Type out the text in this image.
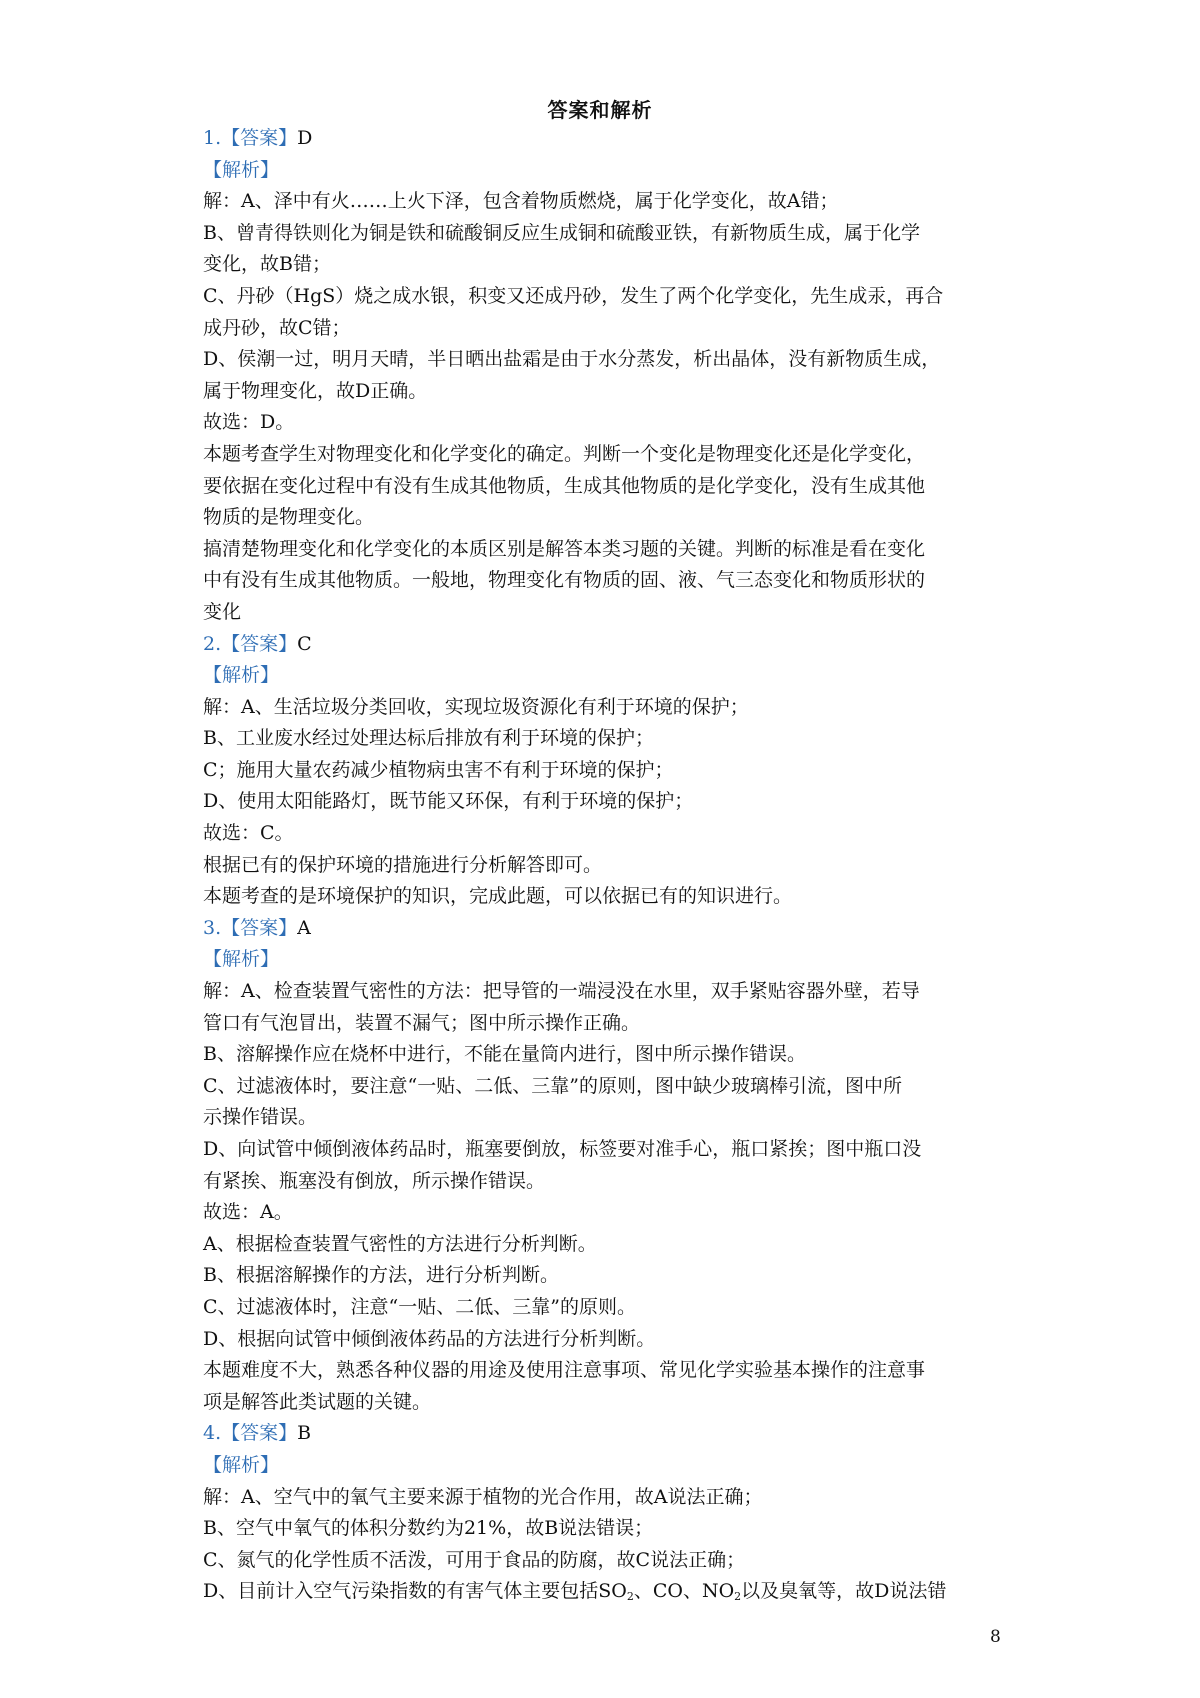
答案和解析
1.【答案】D
【解析】
解：A、泽中有火……上火下泽，包含着物质燃烧，属于化学变化，故A错；
B、曾青得铁则化为铜是铁和硫酸铜反应生成铜和硫酸亚铁，有新物质生成，属于化学
变化，故B错；
C、丹砂（HgS）烧之成水银，积变又还成丹砂，发生了两个化学变化，先生成汞，再合
成丹砂，故C错；
D、侯潮一过，明月天晴，半日晒出盐霜是由于水分蒸发，析出晶体，没有新物质生成，
属于物理变化，故D正确。
故选：D。
本题考查学生对物理变化和化学变化的确定。判断一个变化是物理变化还是化学变化，
要依据在变化过程中有没有生成其他物质，生成其他物质的是化学变化，没有生成其他
物质的是物理变化。
搞清楚物理变化和化学变化的本质区别是解答本类习题的关键。判断的标准是看在变化
中有没有生成其他物质。一般地，物理变化有物质的固、液、气三态变化和物质形状的
变化
2.【答案】C
【解析】
解：A、生活垃圾分类回收，实现垃圾资源化有利于环境的保护；
B、工业废水经过处理达标后排放有利于环境的保护；
C；施用大量农药减少植物病虫害不有利于环境的保护；
D、使用太阳能路灯，既节能又环保，有利于环境的保护；
故选：C。
根据已有的保护环境的措施进行分析解答即可。
本题考查的是环境保护的知识，完成此题，可以依据已有的知识进行。
3.【答案】A
【解析】
解：A、检查装置气密性的方法：把导管的一端浸没在水里，双手紧贴容器外壁，若导
管口有气泡冒出，装置不漏气；图中所示操作正确。
B、溶解操作应在烧杯中进行，不能在量筒内进行，图中所示操作错误。
C、过滤液体时，要注意“一贴、二低、三靠”的原则，图中缺少玻璃棒引流，图中所
示操作错误。
D、向试管中倾倒液体药品时，瓶塞要倒放，标签要对准手心，瓶口紧挨；图中瓶口没
有紧挨、瓶塞没有倒放，所示操作错误。
故选：A。
A、根据检查装置气密性的方法进行分析判断。
B、根据溶解操作的方法，进行分析判断。
C、过滤液体时，注意“一贴、二低、三靠”的原则。
D、根据向试管中倾倒液体药品的方法进行分析判断。
本题难度不大，熟悉各种仪器的用途及使用注意事项、常见化学实验基本操作的注意事
项是解答此类试题的关键。
4.【答案】B
【解析】
解：A、空气中的氧气主要来源于植物的光合作用，故A说法正确；
B、空气中氧气的体积分数约为21%，故B说法错误；
C、氮气的化学性质不活泼，可用于食品的防腐，故C说法正确；
D、目前计入空气污染指数的有害气体主要包括$SO_2$、CO、$NO_2$以及臭氧等，故D说法错
8
